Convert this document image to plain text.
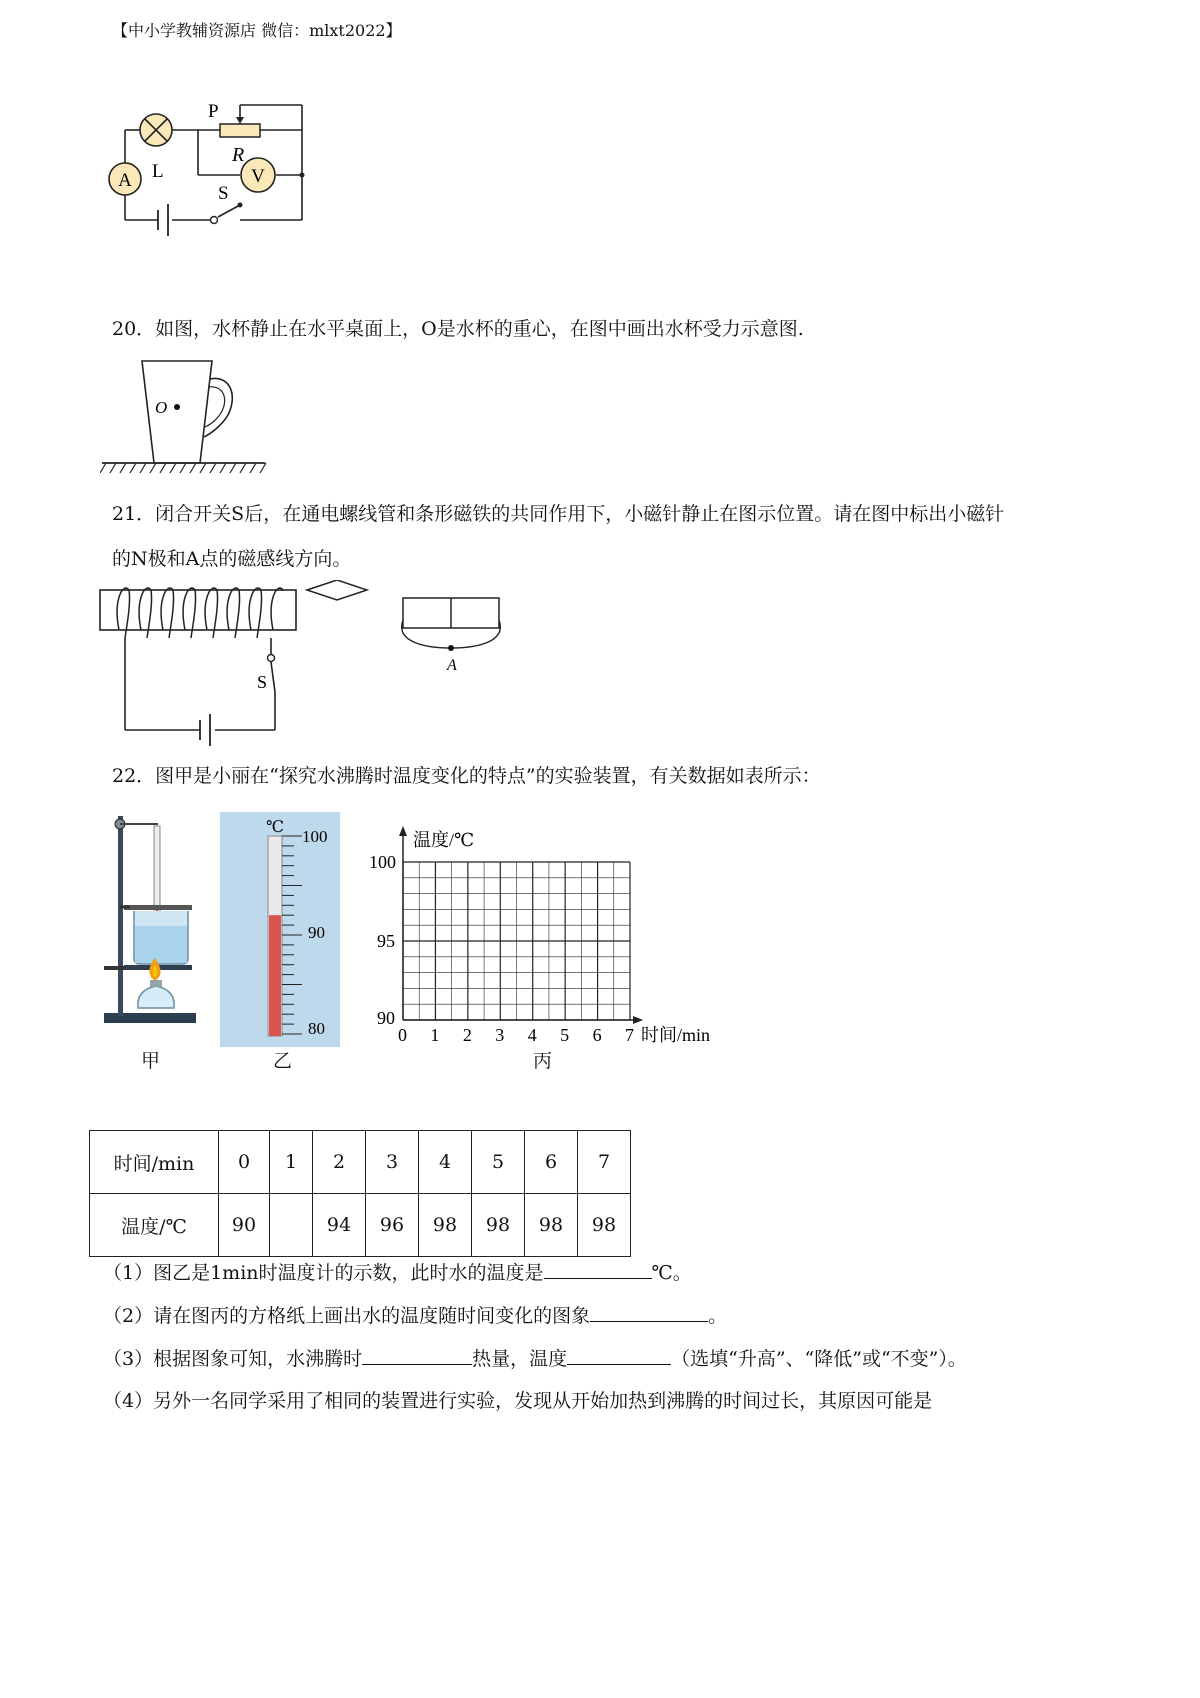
【中小学教辅资源店 微信：mlxt2022】
A	V
P
R
L
S
20．如图，水杯静止在水平桌面上，O是水杯的重心，在图中画出水杯受力示意图.
O
21．闭合开关S后，在通电螺线管和条形磁铁的共同作用下，小磁针静止在图示位置。请在图中标出小磁针
的N极和A点的磁感线方向。
S
A
22．图甲是小丽在“探究水沸腾时温度变化的特点”的实验装置，有关数据如表所示：
甲
℃ 100
90
80
乙
温度/℃
时间/min
100
95
90
0 1 2 3 4 5 6 7
丙
时间/min	0	1	2	3	4	5	6	7
温度/℃	90		94	96	98	98	98	98
（1）图乙是1min时温度计的示数，此时水的温度是	℃。
（2）请在图丙的方格纸上画出水的温度随时间变化的图象	。
（3）根据图象可知，水沸腾时	热量，温度	（选填“升高”、“降低”或“不变”）。
（4）另外一名同学采用了相同的装置进行实验，发现从开始加热到沸腾的时间过长，其原因可能是
